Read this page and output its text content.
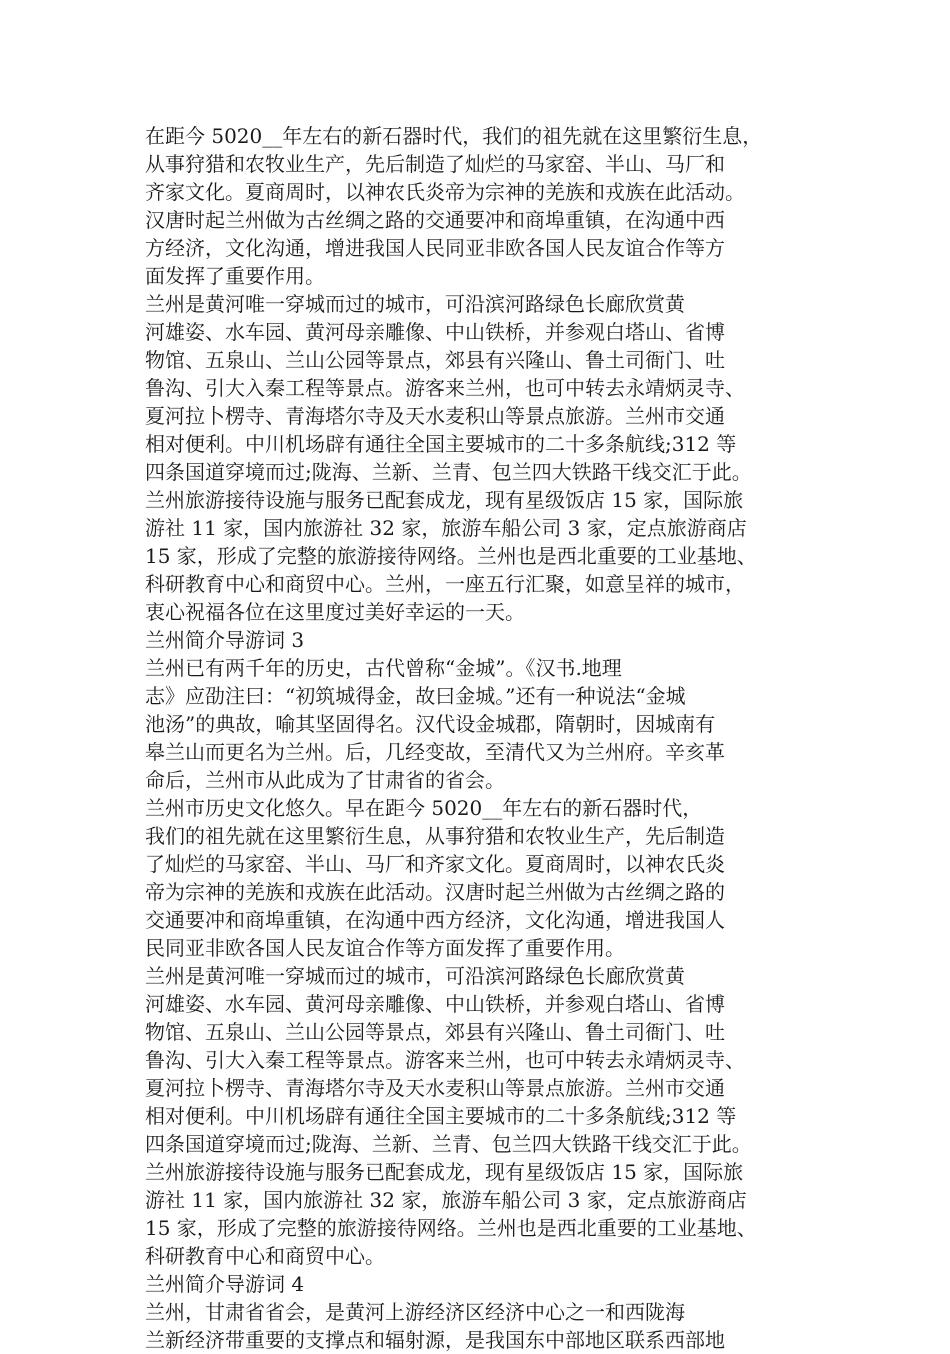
在距今 5020__年左右的新石器时代，我们的祖先就在这里繁衍生息，

从事狩猎和农牧业生产，先后制造了灿烂的马家窑、半山、马厂和

齐家文化。夏商周时，以神农氏炎帝为宗神的羌族和戎族在此活动。

汉唐时起兰州做为古丝绸之路的交通要冲和商埠重镇，在沟通中西

方经济，文化沟通，增进我国人民同亚非欧各国人民友谊合作等方

面发挥了重要作用。

兰州是黄河唯一穿城而过的城市，可沿滨河路绿色长廊欣赏黄

河雄姿、水车园、黄河母亲雕像、中山铁桥，并参观白塔山、省博

物馆、五泉山、兰山公园等景点，郊县有兴隆山、鲁土司衙门、吐

鲁沟、引大入秦工程等景点。游客来兰州，也可中转去永靖炳灵寺、

夏河拉卜楞寺、青海塔尔寺及天水麦积山等景点旅游。兰州市交通

相对便利。中川机场辟有通往全国主要城市的二十多条航线;312 等

四条国道穿境而过;陇海、兰新、兰青、包兰四大铁路干线交汇于此。

兰州旅游接待设施与服务已配套成龙，现有星级饭店 15 家，国际旅

游社 11 家，国内旅游社 32 家，旅游车船公司 3 家，定点旅游商店

15 家，形成了完整的旅游接待网络。兰州也是西北重要的工业基地、

科研教育中心和商贸中心。兰州，一座五行汇聚，如意呈祥的城市，

衷心祝福各位在这里度过美好幸运的一天。

兰州简介导游词 3

兰州已有两千年的历史，古代曾称“金城”。《汉书.地理

志》应劭注曰：“初筑城得金，故曰金城。”还有一种说法“金城

池汤”的典故，喻其坚固得名。汉代设金城郡，隋朝时，因城南有

皋兰山而更名为兰州。后，几经变故，至清代又为兰州府。辛亥革

命后，兰州市从此成为了甘肃省的省会。

兰州市历史文化悠久。早在距今 5020__年左右的新石器时代，

我们的祖先就在这里繁衍生息，从事狩猎和农牧业生产，先后制造

了灿烂的马家窑、半山、马厂和齐家文化。夏商周时，以神农氏炎

帝为宗神的羌族和戎族在此活动。汉唐时起兰州做为古丝绸之路的

交通要冲和商埠重镇，在沟通中西方经济，文化沟通，增进我国人

民同亚非欧各国人民友谊合作等方面发挥了重要作用。

兰州是黄河唯一穿城而过的城市，可沿滨河路绿色长廊欣赏黄

河雄姿、水车园、黄河母亲雕像、中山铁桥，并参观白塔山、省博

物馆、五泉山、兰山公园等景点，郊县有兴隆山、鲁土司衙门、吐

鲁沟、引大入秦工程等景点。游客来兰州，也可中转去永靖炳灵寺、

夏河拉卜楞寺、青海塔尔寺及天水麦积山等景点旅游。兰州市交通

相对便利。中川机场辟有通往全国主要城市的二十多条航线;312 等

四条国道穿境而过;陇海、兰新、兰青、包兰四大铁路干线交汇于此。

兰州旅游接待设施与服务已配套成龙，现有星级饭店 15 家，国际旅

游社 11 家，国内旅游社 32 家，旅游车船公司 3 家，定点旅游商店

15 家，形成了完整的旅游接待网络。兰州也是西北重要的工业基地、

科研教育中心和商贸中心。

兰州简介导游词 4

兰州，甘肃省省会，是黄河上游经济区经济中心之一和西陇海

兰新经济带重要的支撑点和辐射源，是我国东中部地区联系西部地
